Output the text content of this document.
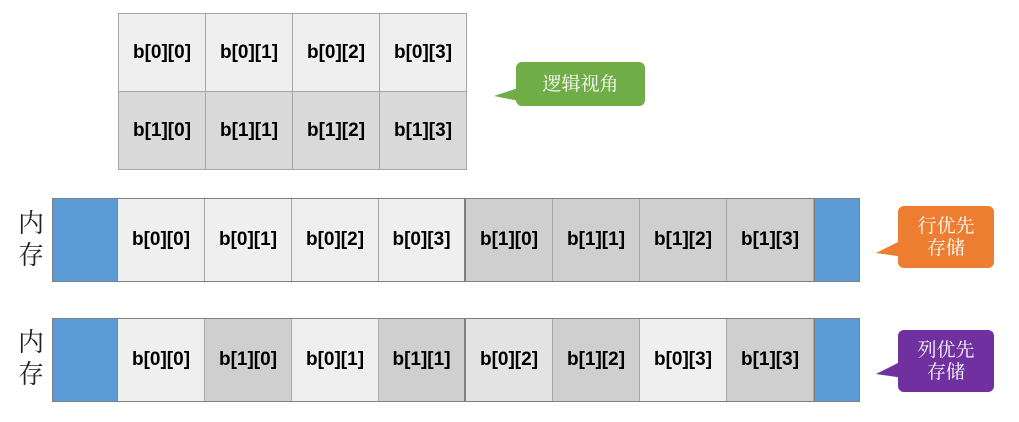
b[0][0]	b[0][1]	b[0][2]	b[0][3]
b[1][0]	b[1][1]	b[1][2]	b[1][3]
逻辑视角
内
存
b[0][0]	b[0][1]	b[0][2]	b[0][3]	b[1][0]	b[1][1]	b[1][2]	b[1][3]
行优先
存储
内
存
b[0][0]	b[1][0]	b[0][1]	b[1][1]	b[0][2]	b[1][2]	b[0][3]	b[1][3]	列优先
存储
